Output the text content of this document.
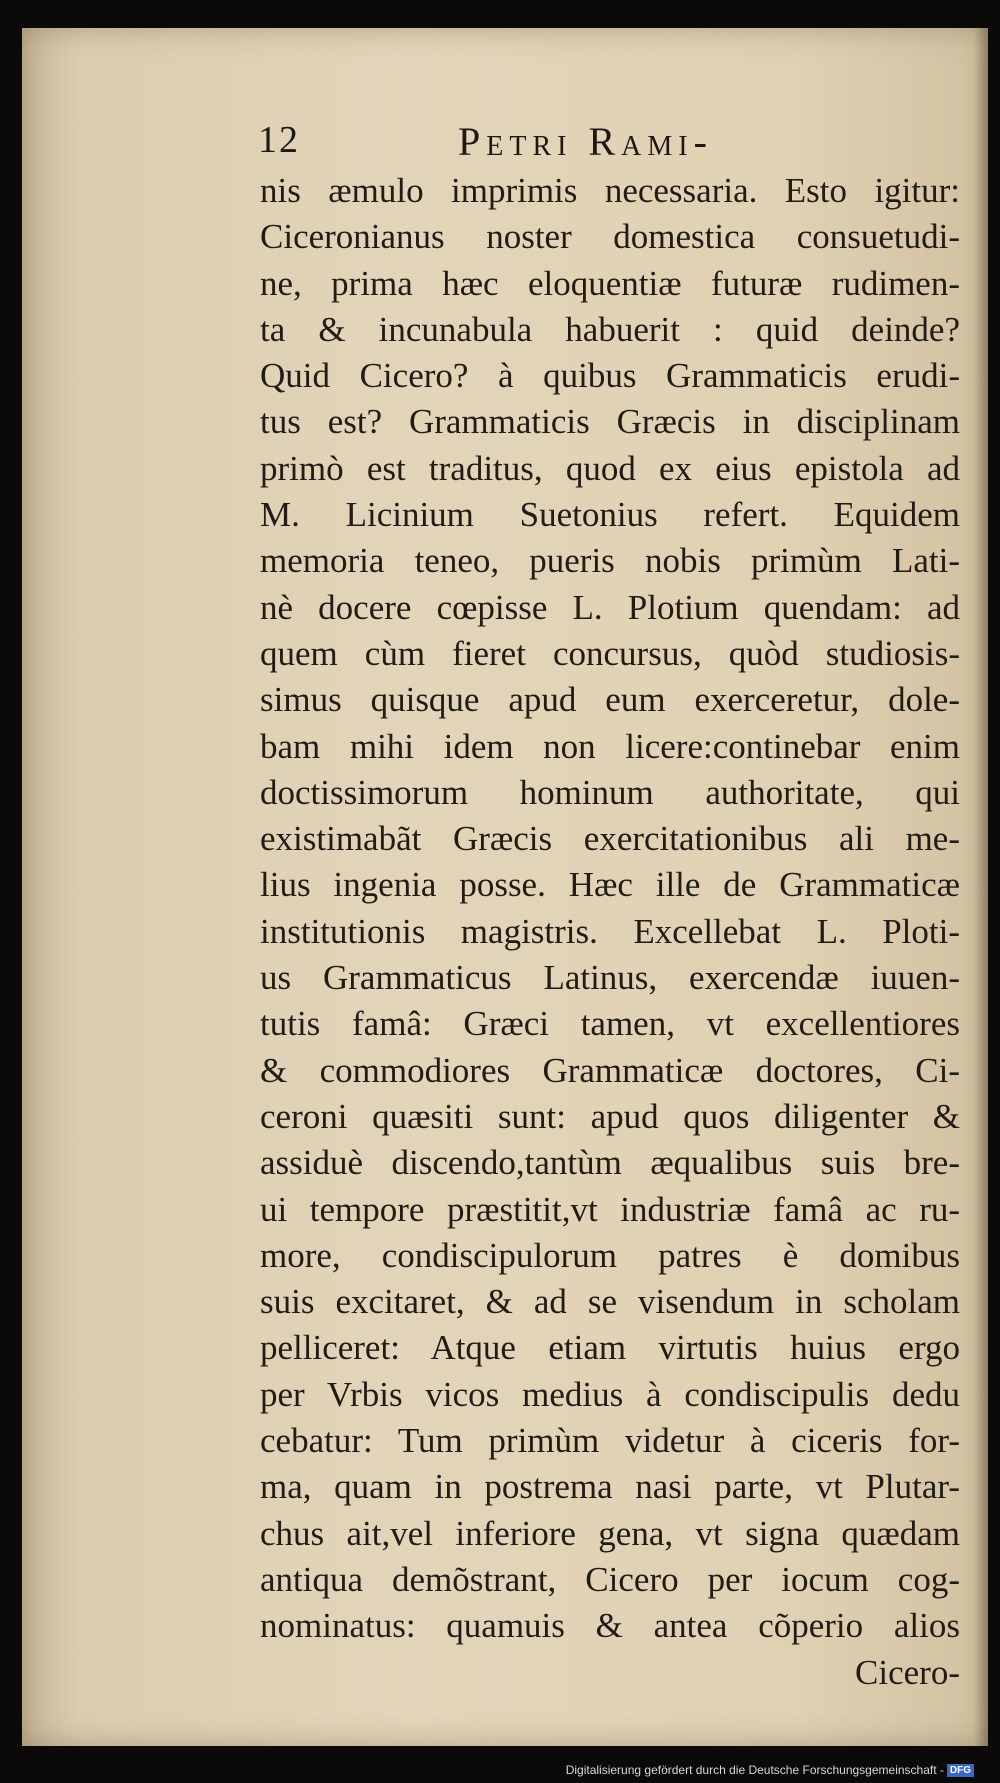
12	Petri Rami-
nis æmulo imprimis necessaria. Esto igitur:
Ciceronianus noster domestica consuetudi-
ne, prima hæc eloquentiæ futuræ rudimen-
ta & incunabula habuerit : quid deinde?
Quid Cicero? à quibus Grammaticis erudi-
tus est? Grammaticis Græcis in disciplinam
primò est traditus, quod ex eius epistola ad
M. Licinium Suetonius refert. Equidem
memoria teneo, pueris nobis primùm Lati-
nè docere cœpisse L. Plotium quendam: ad
quem cùm fieret concursus, quòd studiosis-
simus quisque apud eum exerceretur, dole-
bam mihi idem non licere:continebar enim
doctissimorum hominum authoritate, qui
existimabãt Græcis exercitationibus ali me-
lius ingenia posse. Hæc ille de Grammaticæ
institutionis magistris. Excellebat L. Ploti-
us Grammaticus Latinus, exercendæ iuuen-
tutis famâ: Græci tamen, vt excellentiores
& commodiores Grammaticæ doctores, Ci-
ceroni quæsiti sunt: apud quos diligenter &
assiduè discendo,tantùm æqualibus suis bre-
ui tempore præstitit,vt industriæ famâ ac ru-
more, condiscipulorum patres è domibus
suis excitaret, & ad se visendum in scholam
pelliceret: Atque etiam virtutis huius ergo
per Vrbis vicos medius à condiscipulis dedu
cebatur: Tum primùm videtur à ciceris for-
ma, quam in postrema nasi parte, vt Plutar-
chus ait,vel inferiore gena, vt signa quædam
antiqua demõstrant, Cicero per iocum cog-
nominatus: quamuis & antea cõperio alios
Cicero-
Digitalisierung gefördert durch die Deutsche Forschungsgemeinschaft - DFG
